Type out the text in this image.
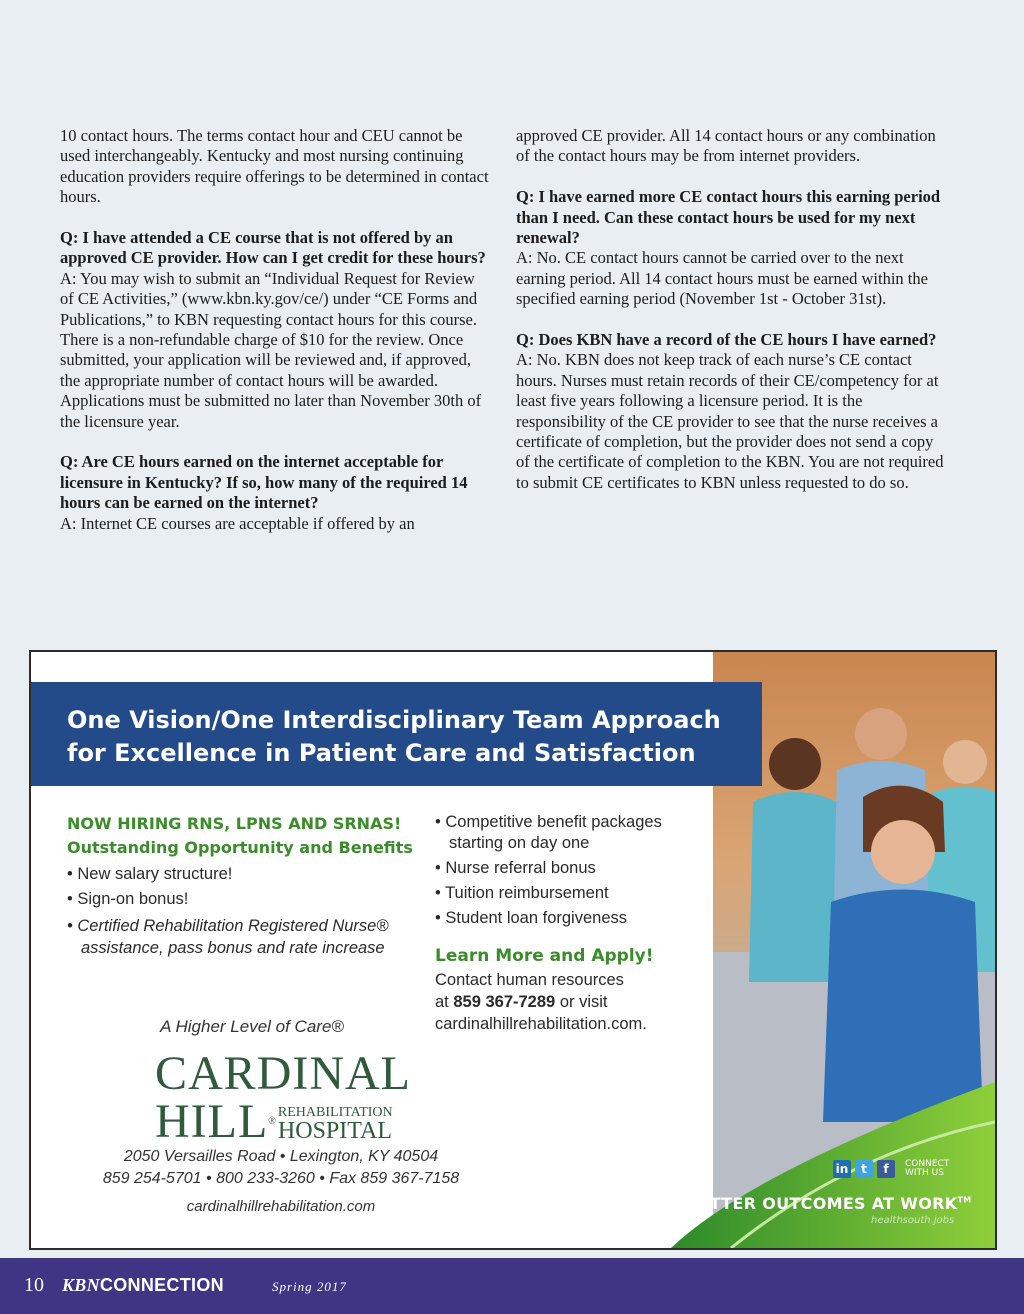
10 contact hours. The terms contact hour and CEU cannot be used interchangeably. Kentucky and most nursing continuing education providers require offerings to be determined in contact hours.

Q: I have attended a CE course that is not offered by an approved CE provider. How can I get credit for these hours?

A: You may wish to submit an “Individual Request for Review of CE Activities,” (www.kbn.ky.gov/ce/) under “CE Forms and Publications,” to KBN requesting contact hours for this course. There is a non-refundable charge of $10 for the review. Once submitted, your application will be reviewed and, if approved, the appropriate number of contact hours will be awarded. Applications must be submitted no later than November 30th of the licensure year.

Q: Are CE hours earned on the internet acceptable for licensure in Kentucky? If so, how many of the required 14 hours can be earned on the internet?

A: Internet CE courses are acceptable if offered by an

approved CE provider. All 14 contact hours or any combination of the contact hours may be from internet providers.

Q: I have earned more CE contact hours this earning period than I need. Can these contact hours be used for my next renewal?

A: No. CE contact hours cannot be carried over to the next earning period. All 14 contact hours must be earned within the specified earning period (November 1st - October 31st).

Q: Does KBN have a record of the CE hours I have earned?

A: No. KBN does not keep track of each nurse’s CE contact hours. Nurses must retain records of their CE/competency for at least five years following a licensure period. It is the responsibility of the CE provider to see that the nurse receives a certificate of completion, but the provider does not send a copy of the certificate of completion to the KBN. You are not required to submit CE certificates to KBN unless requested to do so.

One Vision/One Interdisciplinary Team Approach
for Excellence in Patient Care and Satisfaction
NOW HIRING RNS, LPNS AND SRNAS! Outstanding Opportunity and Benefits
• New salary structure!
• Sign-on bonus!
• Certified Rehabilitation Registered Nurse® assistance, pass bonus and rate increase
• Competitive benefit packages starting on day one
• Nurse referral bonus
• Tuition reimbursement
• Student loan forgiveness
Learn More and Apply!
Contact human resources
at 859 367-7289 or visit
cardinalhillrehabilitation.com.
A Higher Level of Care®
CARDINAL
HILL ®
REHABILITATION
HOSPITAL
2050 Versailles Road • Lexington, KY 40504
859 254-5701 • 800 233-3260 • Fax 859 367-7158
cardinalhillrehabilitation.com
in	t	f	CONNECT
WITH US
BETTER OUTCOMES AT WORK™
healthsouth.jobs
10 KBNCONNECTION	Spring 2017
